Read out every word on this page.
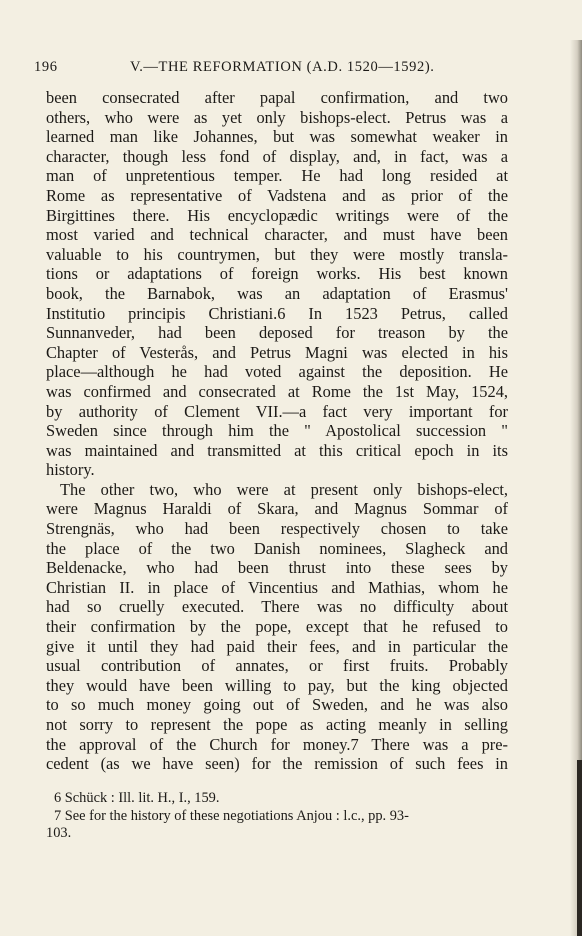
196	V.—THE REFORMATION (A.D. 1520—1592).
been consecrated after papal confirmation, and two
others, who were as yet only bishops-elect. Petrus was a
learned man like Johannes, but was somewhat weaker in
character, though less fond of display, and, in fact, was a
man of unpretentious temper. He had long resided at
Rome as representative of Vadstena and as prior of the
Birgittines there. His encyclopædic writings were of the
most varied and technical character, and must have been
valuable to his countrymen, but they were mostly transla-
tions or adaptations of foreign works. His best known
book, the Barnabok, was an adaptation of Erasmus'
Institutio principis Christiani.6 In 1523 Petrus, called
Sunnanveder, had been deposed for treason by the
Chapter of Vesterås, and Petrus Magni was elected in his
place—although he had voted against the deposition. He
was confirmed and consecrated at Rome the 1st May, 1524,
by authority of Clement VII.—a fact very important for
Sweden since through him the " Apostolical succession "
was maintained and transmitted at this critical epoch in its
history.
The other two, who were at present only bishops-elect,
were Magnus Haraldi of Skara, and Magnus Sommar of
Strengnäs, who had been respectively chosen to take
the place of the two Danish nominees, Slagheck and
Beldenacke, who had been thrust into these sees by
Christian II. in place of Vincentius and Mathias, whom he
had so cruelly executed. There was no difficulty about
their confirmation by the pope, except that he refused to
give it until they had paid their fees, and in particular the
usual contribution of annates, or first fruits. Probably
they would have been willing to pay, but the king objected
to so much money going out of Sweden, and he was also
not sorry to represent the pope as acting meanly in selling
the approval of the Church for money.7 There was a pre-
cedent (as we have seen) for the remission of such fees in
6 Schück : Ill. lit. H., I., 159.
7 See for the history of these negotiations Anjou : l.c., pp. 93-
103.
